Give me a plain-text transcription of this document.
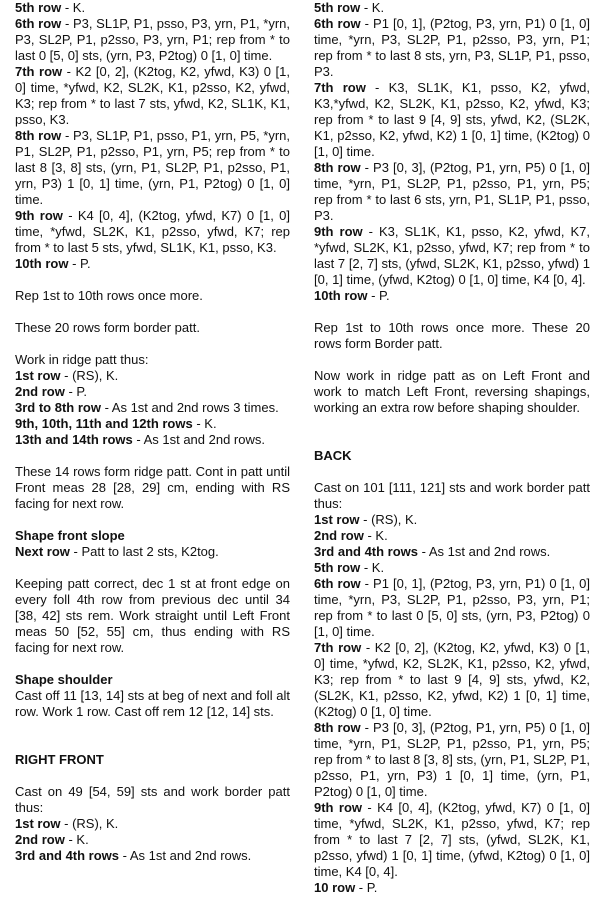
5th row - K.

6th row - P3, SL1P, P1, psso, P3, yrn, P1, *yrn, P3, SL2P, P1, p2sso, P3, yrn, P1; rep from * to last 0 [5, 0] sts, (yrn, P3, P2tog) 0 [1, 0] time.

7th row - K2 [0, 2], (K2tog, K2, yfwd, K3) 0 [1, 0] time, *yfwd, K2, SL2K, K1, p2sso, K2, yfwd, K3; rep from * to last 7 sts, yfwd, K2, SL1K, K1, psso, K3.

8th row - P3, SL1P, P1, psso, P1, yrn, P5, *yrn, P1, SL2P, P1, p2sso, P1, yrn, P5; rep from * to last 8 [3, 8] sts, (yrn, P1, SL2P, P1, p2sso, P1, yrn, P3) 1 [0, 1] time, (yrn, P1, P2tog) 0 [1, 0] time.

9th row - K4 [0, 4], (K2tog, yfwd, K7) 0 [1, 0] time, *yfwd, SL2K, K1, p2sso, yfwd, K7; rep from * to last 5 sts, yfwd, SL1K, K1, psso, K3.

10th row - P.

Rep 1st to 10th rows once more.

These 20 rows form border patt.

Work in ridge patt thus:

1st row - (RS), K.

2nd row - P.

3rd to 8th row - As 1st and 2nd rows 3 times.

9th, 10th, 11th and 12th rows - K.

13th and 14th rows - As 1st and 2nd rows.

These 14 rows form ridge patt. Cont in patt until Front meas 28 [28, 29] cm, ending with RS facing for next row.

Shape front slope

Next row - Patt to last 2 sts, K2tog.

Keeping patt correct, dec 1 st at front edge on every foll 4th row from previous dec until 34 [38, 42] sts rem. Work straight until Left Front meas 50 [52, 55] cm, thus ending with RS facing for next row.

Shape shoulder

Cast off 11 [13, 14] sts at beg of next and foll alt row. Work 1 row. Cast off rem 12 [12, 14] sts.

RIGHT FRONT

Cast on 49 [54, 59] sts and work border patt thus:

1st row - (RS), K.

2nd row - K.

3rd and 4th rows - As 1st and 2nd rows.

5th row - K.

6th row - P1 [0, 1], (P2tog, P3, yrn, P1) 0 [1, 0] time, *yrn, P3, SL2P, P1, p2sso, P3, yrn, P1; rep from * to last 8 sts, yrn, P3, SL1P, P1, psso, P3.

7th row - K3, SL1K, K1, psso, K2, yfwd, K3,*yfwd, K2, SL2K, K1, p2sso, K2, yfwd, K3; rep from * to last 9 [4, 9] sts, yfwd, K2, (SL2K, K1, p2sso, K2, yfwd, K2) 1 [0, 1] time, (K2tog) 0 [1, 0] time.

8th row - P3 [0, 3], (P2tog, P1, yrn, P5) 0 [1, 0] time, *yrn, P1, SL2P, P1, p2sso, P1, yrn, P5; rep from * to last 6 sts, yrn, P1, SL1P, P1, psso, P3.

9th row - K3, SL1K, K1, psso, K2, yfwd, K7, *yfwd, SL2K, K1, p2sso, yfwd, K7; rep from * to last 7 [2, 7] sts, (yfwd, SL2K, K1, p2sso, yfwd) 1 [0, 1] time, (yfwd, K2tog) 0 [1, 0] time, K4 [0, 4].

10th row - P.

Rep 1st to 10th rows once more. These 20 rows form Border patt.

Now work in ridge patt as on Left Front and work to match Left Front, reversing shapings, working an extra row before shaping shoulder.

BACK

Cast on 101 [111, 121] sts and work border patt thus:

1st row - (RS), K.

2nd row - K.

3rd and 4th rows - As 1st and 2nd rows.

5th row - K.

6th row - P1 [0, 1], (P2tog, P3, yrn, P1) 0 [1, 0] time, *yrn, P3, SL2P, P1, p2sso, P3, yrn, P1; rep from * to last 0 [5, 0] sts, (yrn, P3, P2tog) 0 [1, 0] time.

7th row - K2 [0, 2], (K2tog, K2, yfwd, K3) 0 [1, 0] time, *yfwd, K2, SL2K, K1, p2sso, K2, yfwd, K3; rep from * to last 9 [4, 9] sts, yfwd, K2, (SL2K, K1, p2sso, K2, yfwd, K2) 1 [0, 1] time, (K2tog) 0 [1, 0] time.

8th row - P3 [0, 3], (P2tog, P1, yrn, P5) 0 [1, 0] time, *yrn, P1, SL2P, P1, p2sso, P1, yrn, P5; rep from * to last 8 [3, 8] sts, (yrn, P1, SL2P, P1, p2sso, P1, yrn, P3) 1 [0, 1] time, (yrn, P1, P2tog) 0 [1, 0] time.

9th row - K4 [0, 4], (K2tog, yfwd, K7) 0 [1, 0] time, *yfwd, SL2K, K1, p2sso, yfwd, K7; rep from * to last 7 [2, 7] sts, (yfwd, SL2K, K1, p2sso, yfwd) 1 [0, 1] time, (yfwd, K2tog) 0 [1, 0] time, K4 [0, 4].

10 row - P.
